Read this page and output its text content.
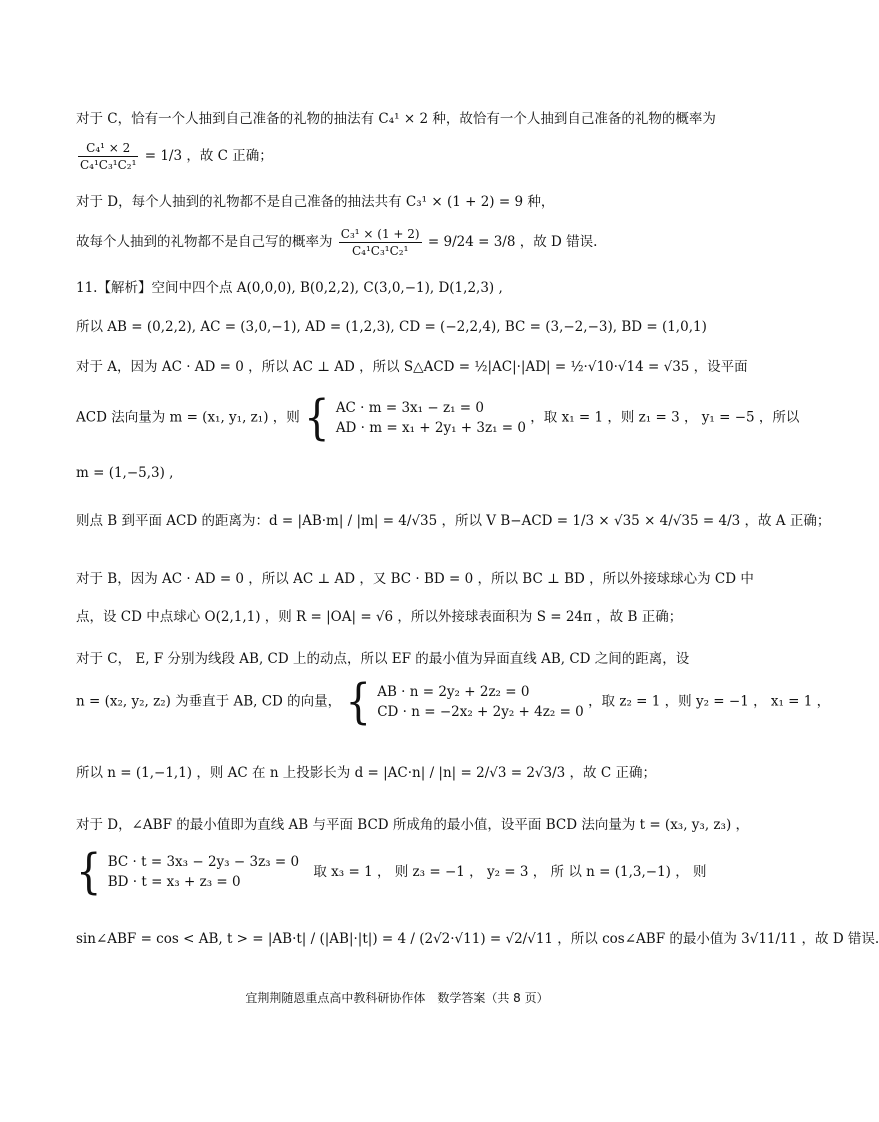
对于 C，恰有一个人抽到自己准备的礼物的抽法有 C₄¹ × 2 种，故恰有一个人抽到自己准备的礼物的概率为
$\frac{\text{C₄¹ × 2}}{\text{C₄¹C₃¹C₂¹}} = 1/3$ ，故 C 正确；
对于 D，每个人抽到的礼物都不是自己准备的抽法共有 C₃¹ × (1 + 2) = 9 种，
故每个人抽到的礼物都不是自己写的概率为 $\frac{\text{C₃¹ × (1 + 2)}}{\text{C₄¹C₃¹C₂¹}} = 9/24 = 3/8$ ，故 D 错误.
11.【解析】空间中四个点 A(0,0,0), B(0,2,2), C(3,0,−1), D(1,2,3) ,
所以 AB = (0,2,2), AC = (3,0,−1), AD = (1,2,3), CD = (−2,2,4), BC = (3,−2,−3), BD = (1,0,1)
对于 A，因为 AC · AD = 0 ，所以 AC ⊥ AD ，所以 S△ACD = ½|AC|·|AD| = ½·√10·√14 = √35 ，设平面
ACD 法向量为 m = (x₁, y₁, z₁) ，则 { AC · m = 3x₁ − z₁ = 0
AD · m = x₁ + 2y₁ + 3z₁ = 0
，取 x₁ = 1 ，则 z₁ = 3 ， y₁ = −5 ，所以
m = (1,−5,3) ,
则点 B 到平面 ACD 的距离为：d = |AB·m| / |m| = 4/√35 ，所以 V B−ACD = 1/3 × √35 × 4/√35 = 4/3 ，故 A 正确；
对于 B，因为 AC · AD = 0 ，所以 AC ⊥ AD ，又 BC · BD = 0 ，所以 BC ⊥ BD ，所以外接球球心为 CD 中
点，设 CD 中点球心 O(2,1,1) ，则 R = |OA| = √6 ，所以外接球表面积为 S = 24π ，故 B 正确；
对于 C， E, F 分别为线段 AB, CD 上的动点，所以 EF 的最小值为异面直线 AB, CD 之间的距离，设
n = (x₂, y₂, z₂) 为垂直于 AB, CD 的向量， { AB · n = 2y₂ + 2z₂ = 0
CD · n = −2x₂ + 2y₂ + 4z₂ = 0
，取 z₂ = 1 ，则 y₂ = −1 ， x₁ = 1 ，
所以 n = (1,−1,1) ，则 AC 在 n 上投影长为 d = |AC·n| / |n| = 2/√3 = 2√3/3 ，故 C 正确；
对于 D，∠ABF 的最小值即为直线 AB 与平面 BCD 所成角的最小值，设平面 BCD 法向量为 t = (x₃, y₃, z₃) ，
{ BC · t = 3x₃ − 2y₃ − 3z₃ = 0
BD · t = x₃ + z₃ = 0
取 x₃ = 1 ， 则 z₃ = −1 ， y₂ = 3 ， 所 以 n = (1,3,−1) ， 则
sin∠ABF = cos < AB, t > = |AB·t| / (|AB|·|t|) = 4 / (2√2·√11) = √2/√11 ，所以 cos∠ABF 的最小值为 3√11/11 ，故 D 错误.
宜荆荆随恩重点高中教科研协作体　数学答案（共 8 页）
